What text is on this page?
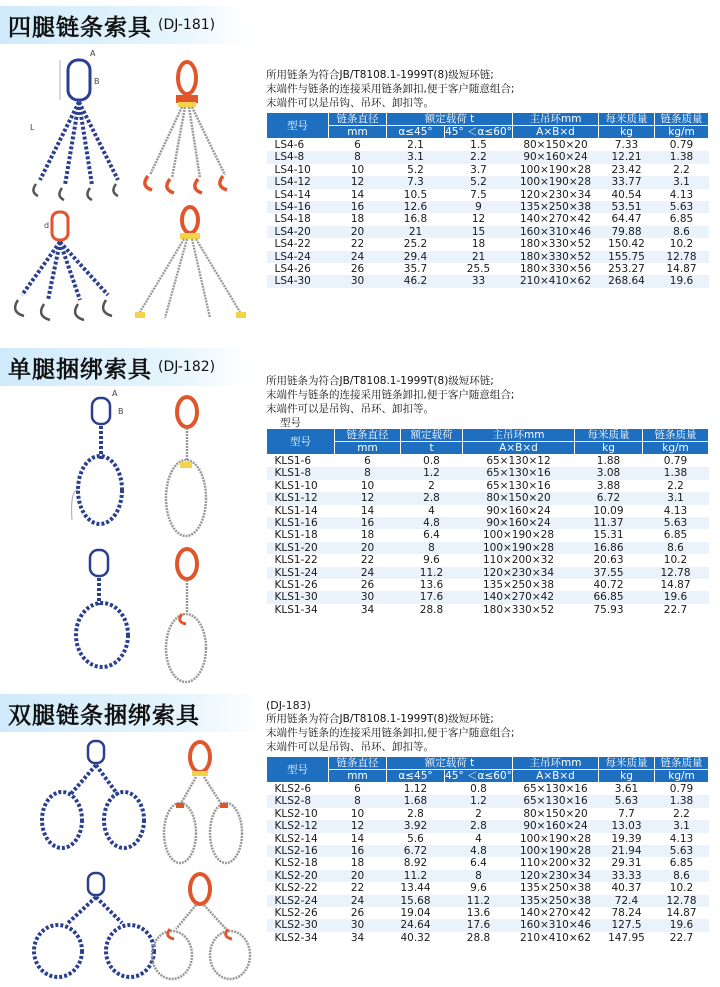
四腿链条索具 (DJ-181)
所用链条为符合JB/T8108.1-1999T(8)级短环链;
末端件与链条的连接采用链条卸扣,便于客户随意组合;
末端件可以是吊钩、吊环、卸扣等。
型号	链条直径	额定载荷 t		主吊环mm	每米质量	链条质量
	mm	α≤45°	45° ＜α≤60°	A×B×d	kg	kg/m
LS4-6	6	2.1	1.5	80×150×20	7.33	0.79
LS4-8	8	3.1	2.2	90×160×24	12.21	1.38
LS4-10	10	5.2	3.7	100×190×28	23.42	2.2
LS4-12	12	7.3	5.2	100×190×28	33.77	3.1
LS4-14	14	10.5	7.5	120×230×34	40.54	4.13
LS4-16	16	12.6	9	135×250×38	53.51	5.63
LS4-18	18	16.8	12	140×270×42	64.47	6.85
LS4-20	20	21	15	160×310×46	79.88	8.6
LS4-22	22	25.2	18	180×330×52	150.42	10.2
LS4-24	24	29.4	21	180×330×52	155.75	12.78
LS4-26	26	35.7	25.5	180×330×56	253.27	14.87
LS4-30	30	46.2	33	210×410×62	268.64	19.6
A
B
L
d
单腿捆绑索具 (DJ-182)
所用链条为符合JB/T8108.1-1999T(8)级短环链;
末端件与链条的连接采用链条卸扣,便于客户随意组合;
末端件可以是吊钩、吊环、卸扣等。
型号
型号	链条直径	额定载荷	主吊环mm	每米质量	链条质量
	mm	t	A×B×d	kg	kg/m
KLS1-6	6	0.8	65×130×12	1.88	0.79
KLS1-8	8	1.2	65×130×16	3.08	1.38
KLS1-10	10	2	65×130×16	3.88	2.2
KLS1-12	12	2.8	80×150×20	6.72	3.1
KLS1-14	14	4	90×160×24	10.09	4.13
KLS1-16	16	4.8	90×160×24	11.37	5.63
KLS1-18	18	6.4	100×190×28	15.31	6.85
KLS1-20	20	8	100×190×28	16.86	8.6
KLS1-22	22	9.6	110×200×32	20.63	10.2
KLS1-24	24	11.2	120×230×34	37.55	12.78
KLS1-26	26	13.6	135×250×38	40.72	14.87
KLS1-30	30	17.6	140×270×42	66.85	19.6
KLS1-34	34	28.8	180×330×52	75.93	22.7
A
B
双腿链条捆绑索具	(DJ-183)
所用链条为符合JB/T8108.1-1999T(8)级短环链;
末端件与链条的连接采用链条卸扣,便于客户随意组合;
末端件可以是吊钩、吊环、卸扣等。
型号	链条直径	额定载荷 t		主吊环mm	每米质量	链条质量
	mm	α≤45°	45° ＜α≤60°	A×B×d	kg	kg/m
KLS2-6	6	1.12	0.8	65×130×16	3.61	0.79
KLS2-8	8	1.68	1.2	65×130×16	5.63	1.38
KLS2-10	10	2.8	2	80×150×20	7.7	2.2
KLS2-12	12	3.92	2.8	90×160×24	13.03	3.1
KLS2-14	14	5.6	4	100×190×28	19.39	4.13
KLS2-16	16	6.72	4.8	100×190×28	21.94	5.63
KLS2-18	18	8.92	6.4	110×200×32	29.31	6.85
KLS2-20	20	11.2	8	120×230×34	33.33	8.6
KLS2-22	22	13.44	9.6	135×250×38	40.37	10.2
KLS2-24	24	15.68	11.2	135×250×38	72.4	12.78
KLS2-26	26	19.04	13.6	140×270×42	78.24	14.87
KLS2-30	30	24.64	17.6	160×310×46	127.5	19.6
KLS2-34	34	40.32	28.8	210×410×62	147.95	22.7
